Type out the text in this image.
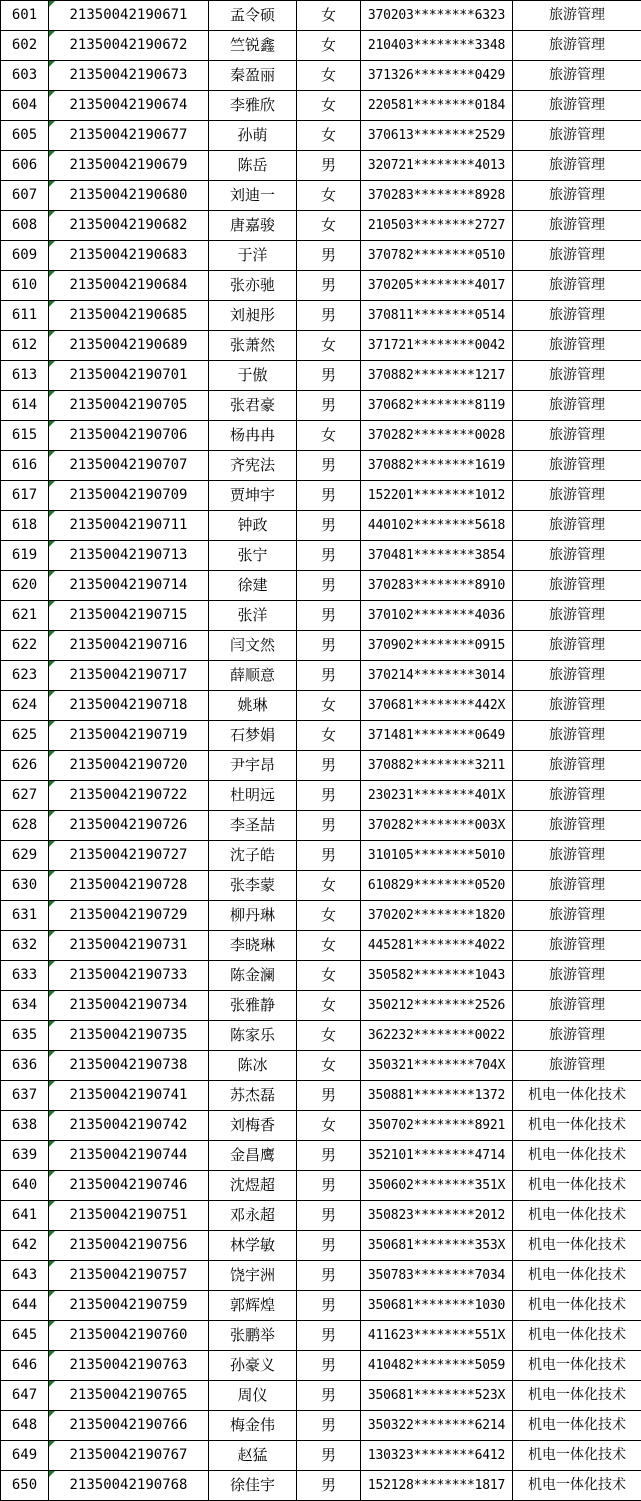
601	21350042190671	孟令硕	女	370203********6323	旅游管理
602	21350042190672	竺锐鑫	女	210403********3348	旅游管理
603	21350042190673	秦盈丽	女	371326********0429	旅游管理
604	21350042190674	李雅欣	女	220581********0184	旅游管理
605	21350042190677	孙萌	女	370613********2529	旅游管理
606	21350042190679	陈岳	男	320721********4013	旅游管理
607	21350042190680	刘迪一	女	370283********8928	旅游管理
608	21350042190682	唐嘉骏	女	210503********2727	旅游管理
609	21350042190683	于洋	男	370782********0510	旅游管理
610	21350042190684	张亦驰	男	370205********4017	旅游管理
611	21350042190685	刘昶彤	男	370811********0514	旅游管理
612	21350042190689	张萧然	女	371721********0042	旅游管理
613	21350042190701	于傲	男	370882********1217	旅游管理
614	21350042190705	张君豪	男	370682********8119	旅游管理
615	21350042190706	杨冉冉	女	370282********0028	旅游管理
616	21350042190707	齐宪法	男	370882********1619	旅游管理
617	21350042190709	贾坤宇	男	152201********1012	旅游管理
618	21350042190711	钟政	男	440102********5618	旅游管理
619	21350042190713	张宁	男	370481********3854	旅游管理
620	21350042190714	徐建	男	370283********8910	旅游管理
621	21350042190715	张洋	男	370102********4036	旅游管理
622	21350042190716	闫文然	男	370902********0915	旅游管理
623	21350042190717	薛顺意	男	370214********3014	旅游管理
624	21350042190718	姚琳	女	370681********442X	旅游管理
625	21350042190719	石梦娟	女	371481********0649	旅游管理
626	21350042190720	尹宇昂	男	370882********3211	旅游管理
627	21350042190722	杜明远	男	230231********401X	旅游管理
628	21350042190726	李圣喆	男	370282********003X	旅游管理
629	21350042190727	沈子皓	男	310105********5010	旅游管理
630	21350042190728	张李蒙	女	610829********0520	旅游管理
631	21350042190729	柳丹琳	女	370202********1820	旅游管理
632	21350042190731	李晓琳	女	445281********4022	旅游管理
633	21350042190733	陈金澜	女	350582********1043	旅游管理
634	21350042190734	张雅静	女	350212********2526	旅游管理
635	21350042190735	陈家乐	女	362232********0022	旅游管理
636	21350042190738	陈冰	女	350321********704X	旅游管理
637	21350042190741	苏杰磊	男	350881********1372	机电一体化技术
638	21350042190742	刘梅香	女	350702********8921	机电一体化技术
639	21350042190744	金昌鹰	男	352101********4714	机电一体化技术
640	21350042190746	沈煜超	男	350602********351X	机电一体化技术
641	21350042190751	邓永超	男	350823********2012	机电一体化技术
642	21350042190756	林学敏	男	350681********353X	机电一体化技术
643	21350042190757	饶宇洲	男	350783********7034	机电一体化技术
644	21350042190759	郭辉煌	男	350681********1030	机电一体化技术
645	21350042190760	张鹏举	男	411623********551X	机电一体化技术
646	21350042190763	孙豪义	男	410482********5059	机电一体化技术
647	21350042190765	周仪	男	350681********523X	机电一体化技术
648	21350042190766	梅金伟	男	350322********6214	机电一体化技术
649	21350042190767	赵猛	男	130323********6412	机电一体化技术
650	21350042190768	徐佳宇	男	152128********1817	机电一体化技术
